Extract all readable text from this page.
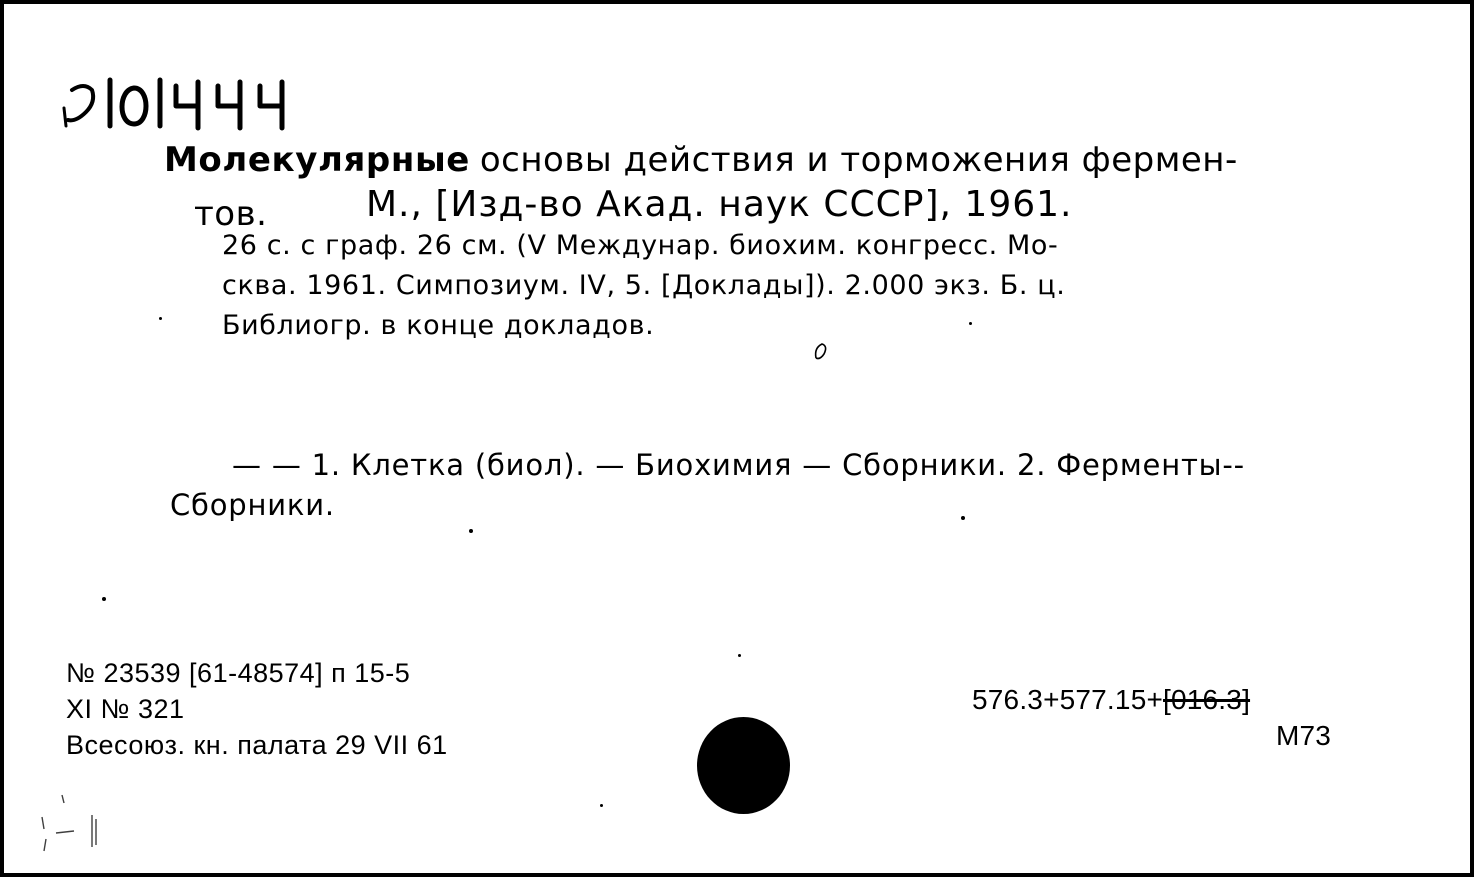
Молекулярные основы действия и торможения фермен-
тов.	М., [Изд-во Акад. наук СССР], 1961.
26 с. с граф. 26 см. (V Междунар. биохим. конгресс. Мо-
сква. 1961. Симпозиум. IV, 5. [Доклады]). 2.000 экз. Б. ц.
Библиогр. в конце докладов.
— — 1. Клетка (биол). — Биохимия — Сборники. 2. Ферменты--
Сборники.
№ 23539 [61-48574] п 15-5
XI № 321
Всесоюз. кн. палата 29 VII 61
576.3+577.15+[016.3]
М73
